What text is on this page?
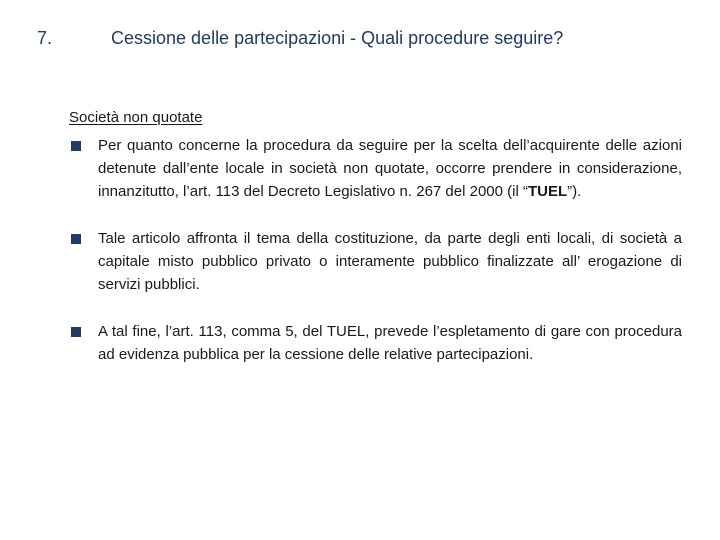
7.	Cessione delle partecipazioni - Quali procedure seguire?
Società non quotate
Per quanto concerne la procedura da seguire per la scelta dell’acquirente delle azioni detenute dall’ente locale in società non quotate, occorre prendere in considerazione, innanzitutto, l’art. 113 del Decreto Legislativo n. 267 del 2000 (il “TUEL”).
Tale articolo affronta il tema della costituzione, da parte degli enti locali, di società a capitale misto pubblico privato o interamente pubblico finalizzate all’ erogazione di servizi pubblici.
A tal fine, l’art. 113, comma 5, del TUEL, prevede l’espletamento di gare con procedura ad evidenza pubblica per la cessione delle relative partecipazioni.
